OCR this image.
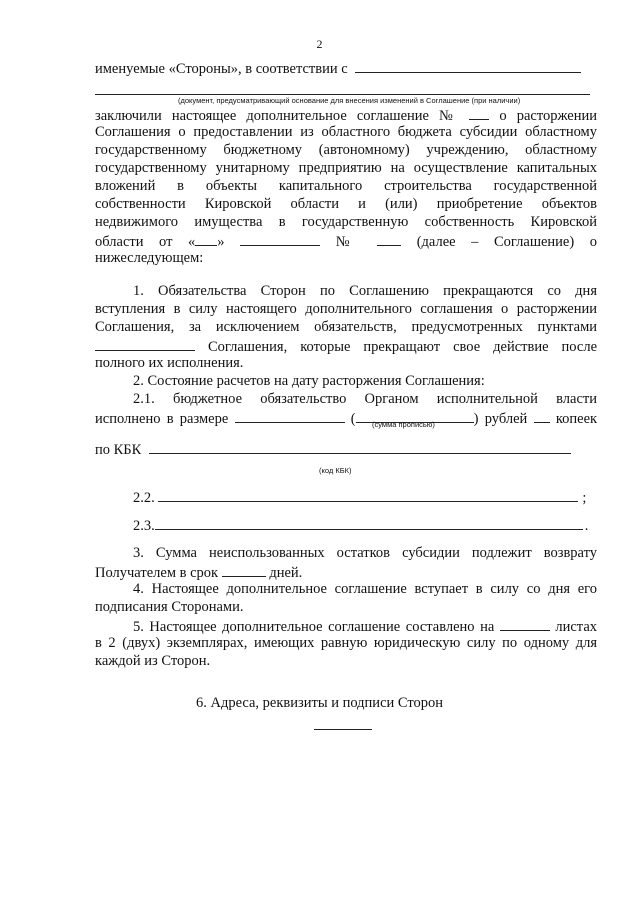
2
именуемые «Стороны», в соответствии с
(документ, предусматривающий основание для внесения изменений в Соглашение (при наличии)
заключили настоящее дополнительное соглашение №	о расторжении
Соглашения о предоставлении из областного бюджета субсидии областному
государственному бюджетному (автономному) учреждению, областному
государственному унитарному предприятию на осуществление капитальных
вложений в объекты капитального строительства государственной
собственности Кировской области и (или) приобретение объектов
недвижимого имущества в государственную собственность Кировской
области от « »	№	(далее – Соглашение) о
нижеследующем:
1. Обязательства Сторон по Соглашению прекращаются со дня
вступления в силу настоящего дополнительного соглашения о расторжении
Соглашения, за исключением обязательств, предусмотренных пунктами
Соглашения, которые прекращают свое действие после
полного их исполнения.
2. Состояние расчетов на дату расторжения Соглашения:
2.1. бюджетное обязательство Органом исполнительной власти
исполнено в размере	(	) рублей копеек
(сумма прописью)
по КБК
(код КБК)
2.2.	;
2.3.	.
3. Сумма неиспользованных остатков субсидии подлежит возврату
Получателем в срок	дней.
4. Настоящее дополнительное соглашение вступает в силу со дня его
подписания Сторонами.
5. Настоящее дополнительное соглашение составлено на	листах
в 2 (двух) экземплярах, имеющих равную юридическую силу по одному для
каждой из Сторон.
6. Адреса, реквизиты и подписи Сторон
